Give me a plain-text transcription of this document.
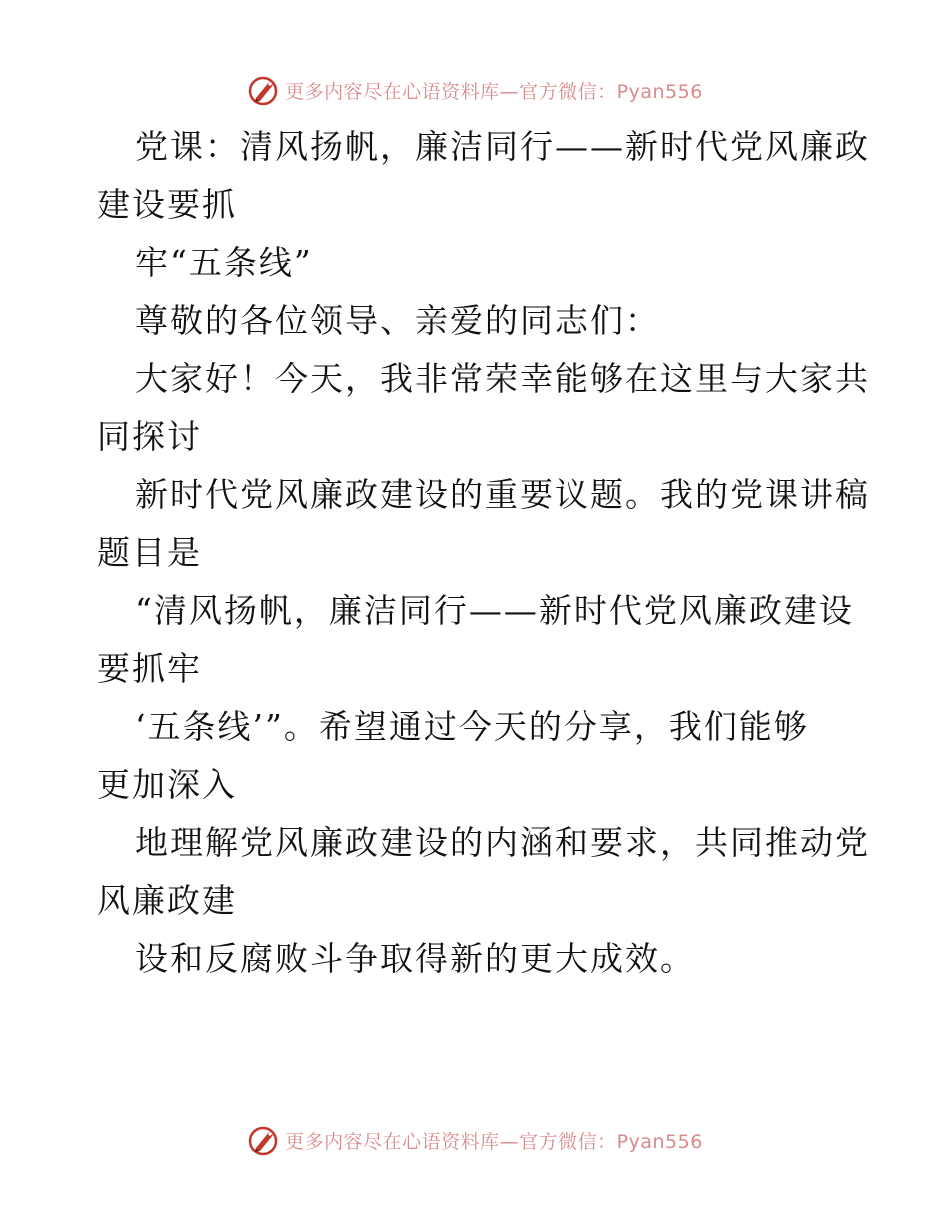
更多内容尽在心语资料库—官方微信：Pyan556

党课：清风扬帆，廉洁同行——新时代党风廉政

建设要抓

牢“五条线”

尊敬的各位领导、亲爱的同志们：

大家好！今天，我非常荣幸能够在这里与大家共

同探讨

新时代党风廉政建设的重要议题。我的党课讲稿

题目是

“清风扬帆，廉洁同行——新时代党风廉政建设

要抓牢

‘五条线’”。希望通过今天的分享，我们能够

更加深入

地理解党风廉政建设的内涵和要求，共同推动党

风廉政建

设和反腐败斗争取得新的更大成效。

更多内容尽在心语资料库—官方微信：Pyan556
